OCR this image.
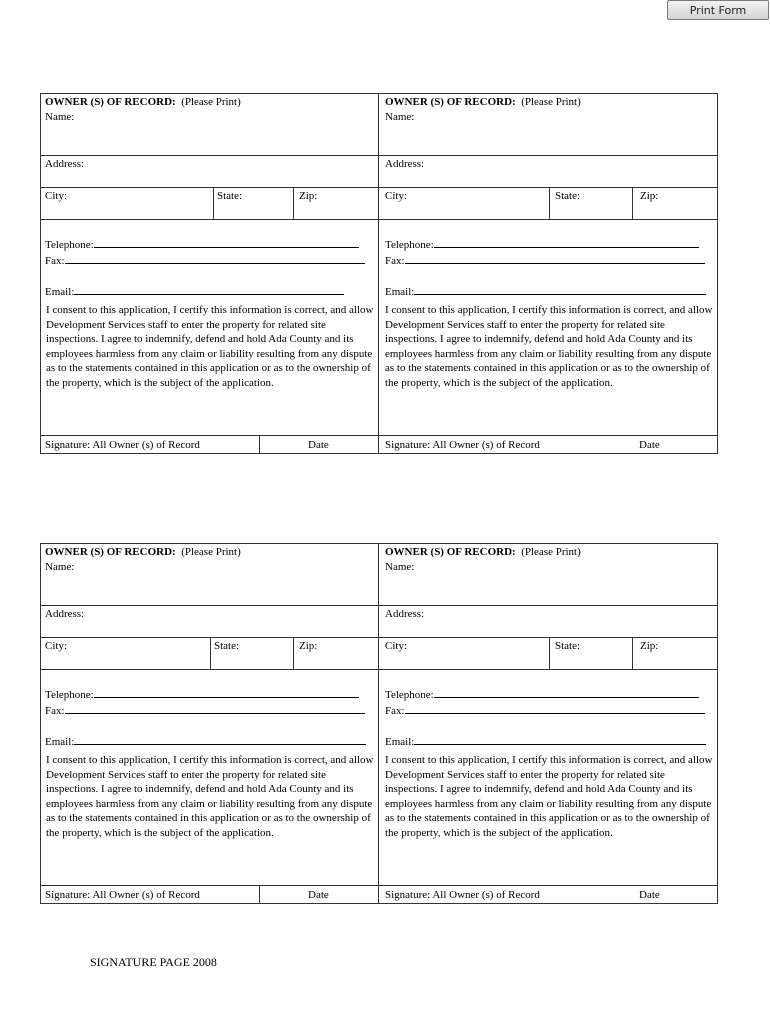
Print Form
OWNER (S) OF RECORD: (Please Print)
Name:
Address:
City:	State:	Zip:
Telephone:
Fax:
Email:
I consent to this application, I certify this information is correct, and allow Development Services staff to enter the property for related site inspections. I agree to indemnify, defend and hold Ada County and its employees harmless from any claim or liability resulting from any dispute as to the statements contained in this application or as to the ownership of the property, which is the subject of the application.
Signature: All Owner (s) of Record	Date
OWNER (S) OF RECORD: (Please Print)
Name:
Address:
City:	State:	Zip:
Telephone:
Fax:
Email:
I consent to this application, I certify this information is correct, and allow Development Services staff to enter the property for related site inspections. I agree to indemnify, defend and hold Ada County and its employees harmless from any claim or liability resulting from any dispute as to the statements contained in this application or as to the ownership of the property, which is the subject of the application.
Signature: All Owner (s) of Record	Date
OWNER (S) OF RECORD: (Please Print)
Name:
Address:
City:	State:	Zip:
Telephone:
Fax:
Email:
I consent to this application, I certify this information is correct, and allow Development Services staff to enter the property for related site inspections. I agree to indemnify, defend and hold Ada County and its employees harmless from any claim or liability resulting from any dispute as to the statements contained in this application or as to the ownership of the property, which is the subject of the application.
Signature: All Owner (s) of Record	Date
OWNER (S) OF RECORD: (Please Print)
Name:
Address:
City:	State:	Zip:
Telephone:
Fax:
Email:
I consent to this application, I certify this information is correct, and allow Development Services staff to enter the property for related site inspections. I agree to indemnify, defend and hold Ada County and its employees harmless from any claim or liability resulting from any dispute as to the statements contained in this application or as to the ownership of the property, which is the subject of the application.
Signature: All Owner (s) of Record	Date
SIGNATURE PAGE 2008
